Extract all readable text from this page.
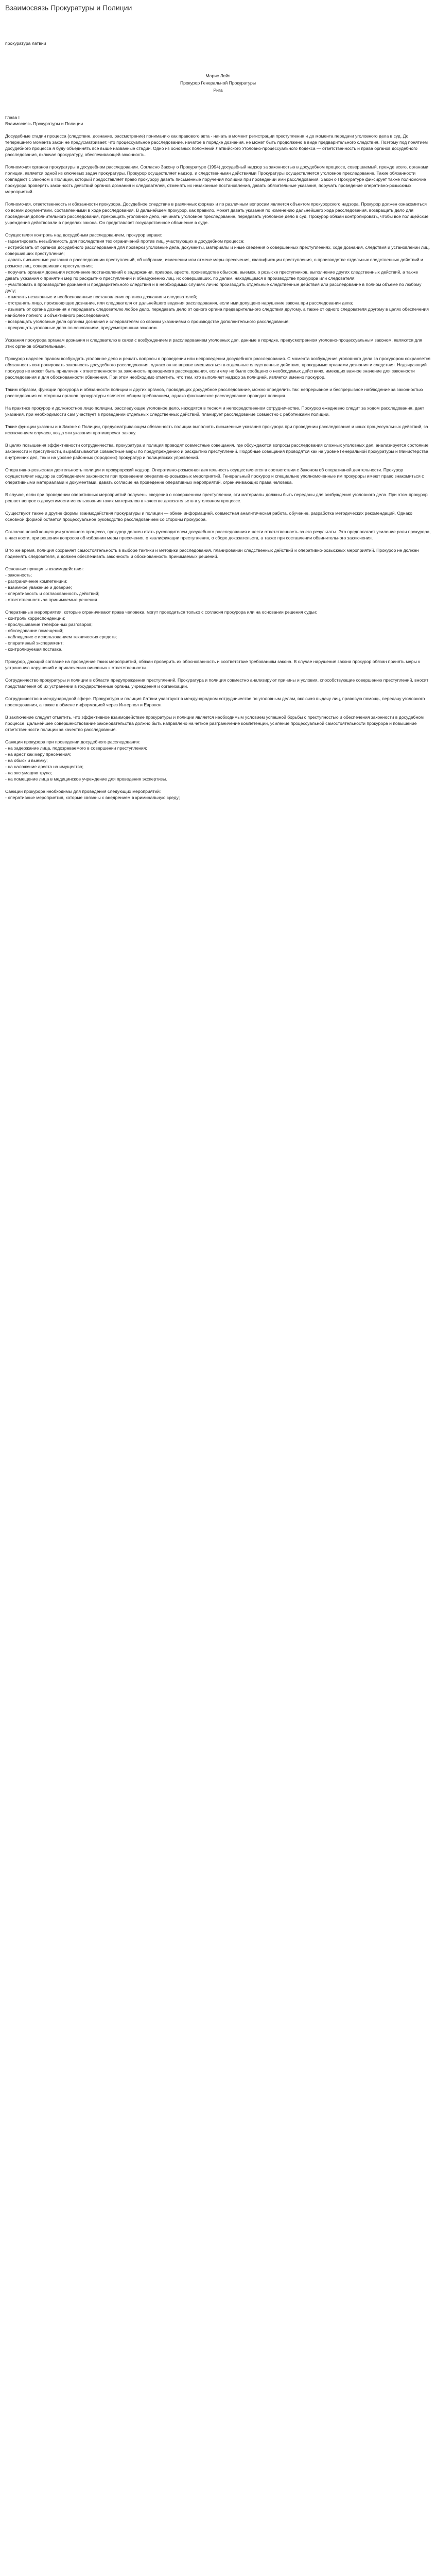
Взаимосвязь Прокуратуры и Полиции
прокуратура латвии
Марис Лейя
Прокурор Генеральной Прокуратуры
Рига

Глава I

Взаимосвязь Прокуратуры и Полиции

Досудебные стадии процесса (следствие, дознание, рассмотрение) пониманию как правового акта - начать в момент регистрации преступления и до момента передачи уголовного дела в суд. До теперешнего момента закон не предусматривает, что процессуальное расследование, начатое в порядке дознания, не может быть продолжено в виде предварительного следствия. Поэтому под понятием досудебного процесса я буду объединять все выше названные стадии. Одно из основных положений Латвийского Уголовно-процессуального Кодекса — ответственность и права органов досудебного расследования, включая прокуратуру, обеспечивающей законность.

Полномочия органов прокуратуры в досудебном расследовании. Согласно Закону о Прокуратуре (1994) досудебный надзор за законностью в досудебном процессе, совершаемый, прежде всего, органами полиции, является одной из ключевых задач прокуратуры. Прокурор осуществляет надзор, и следственными действиями Прокуратуры осуществляется уголовное преследование. Такие обязанности совпадают с Законом о Полиции, который предоставляет право прокурору давать письменные поручения полиции при проведении ими расследования. Закон о Прокуратуре фиксирует также полномочие прокурора проверять законность действий органов дознания и следователей, отменять их незаконные постановления, давать обязательные указания, поручать проведение оперативно-розыскных мероприятий.

Полномочия, ответственность и обязанности прокурора. Досудебное следствие в различных формах и по различным вопросам является объектом прокурорского надзора. Прокурор должен ознакомиться со всеми документами, составленными в ходе расследования. В дальнейшем прокурор, как правило, может давать указания по изменению дальнейшего хода расследования, возвращать дело для проведения дополнительного расследования, прекращать уголовное дело, начинать уголовное преследование, передавать уголовное дело в суд. Прокурор обязан контролировать, чтобы все полицейские учреждения действовали в пределах закона. Он представляет государственное обвинение в суде.

Осуществляя контроль над досудебным расследованием, прокурор вправе:

- гарантировать незыблемость для последствия тех ограничений против лиц, участвующих в досудебном процессе;

- истребовать от органов досудебного расследования для проверки уголовные дела, документы, материалы и иные сведения о совершенных преступлениях, ходе дознания, следствия и установлении лиц, совершивших преступления;

- давать письменные указания о расследовании преступлений, об избрании, изменении или отмене меры пресечения, квалификации преступления, о производстве отдельных следственных действий и розыске лиц, совершивших преступления;

- поручать органам дознания исполнение постановлений о задержании, приводе, аресте, производстве обысков, выемок, о розыске преступников, выполнение других следственных действий, а также давать указания о принятии мер по раскрытию преступлений и обнаружению лиц, их совершивших, по делам, находящимся в производстве прокурора или следователя;

- участвовать в производстве дознания и предварительного следствия и в необходимых случаях лично производить отдельные следственные действия или расследование в полном объеме по любому делу;

- отменять незаконные и необоснованные постановления органов дознания и следователей;

- отстранять лицо, производящее дознание, или следователя от дальнейшего ведения расследования, если ими допущено нарушение закона при расследовании дела;

- изымать от органа дознания и передавать следователю любое дело, передавать дело от одного органа предварительного следствия другому, а также от одного следователя другому в целях обеспечения наиболее полного и объективного расследования;

- возвращать уголовные дела органам дознания и следователям со своими указаниями о производстве дополнительного расследования;

- прекращать уголовные дела по основаниям, предусмотренным законом.

Указания прокурора органам дознания и следователю в связи с возбуждением и расследованием уголовных дел, данные в порядке, предусмотренном уголовно-процессуальным законом, являются для этих органов обязательными.

Прокурор наделен правом возбуждать уголовное дело и решать вопросы о проведении или непроведении досудебного расследования. С момента возбуждения уголовного дела за прокурором сохраняется обязанность контролировать законность досудебного расследования, однако он не вправе вмешиваться в отдельные следственные действия, проводимые органами дознания и следствия. Надзирающий прокурор не может быть привлечен к ответственности за законность проводимого расследования, если ему не было сообщено о необходимых действиях, имеющих важное значение для законности расследования и для обоснованности обвинения. При этом необходимо отметить, что тем, кто выполняет надзор за полицией, является именно прокурор.

Таким образом, функции прокурора и обязанности полиции и других органов, проводящих досудебное расследование, можно определить так: непрерывное и беспрерывное наблюдение за законностью расследования со стороны органов прокуратуры является общим требованием, однако фактическое расследование проводит полиция.

На практике прокурор и должностное лицо полиции, расследующее уголовное дело, находятся в тесном и непосредственном сотрудничестве. Прокурор ежедневно следит за ходом расследования, дает указания, при необходимости сам участвует в проведении отдельных следственных действий, планирует расследование совместно с работниками полиции.

Такие функции указаны и в Законе о Полиции, предусматривающем обязанность полиции выполнять письменные указания прокурора при проведении расследования и иных процессуальных действий, за исключением случаев, когда эти указания противоречат закону.

В целях повышения эффективности сотрудничества, прокуратура и полиция проводят совместные совещания, где обсуждаются вопросы расследования сложных уголовных дел, анализируется состояние законности и преступности, вырабатываются совместные меры по предупреждению и раскрытию преступлений. Подобные совещания проводятся как на уровне Генеральной прокуратуры и Министерства внутренних дел, так и на уровне районных (городских) прокуратур и полицейских управлений.

Оперативно-розыскная деятельность полиции и прокурорский надзор. Оперативно-розыскная деятельность осуществляется в соответствии с Законом об оперативной деятельности. Прокурор осуществляет надзор за соблюдением законности при проведении оперативно-розыскных мероприятий. Генеральный прокурор и специально уполномоченные им прокуроры имеют право знакомиться с оперативными материалами и документами, давать согласие на проведение оперативных мероприятий, ограничивающих права человека.

В случае, если при проведении оперативных мероприятий получены сведения о совершенном преступлении, эти материалы должны быть переданы для возбуждения уголовного дела. При этом прокурор решает вопрос о допустимости использования таких материалов в качестве доказательств в уголовном процессе.

Существуют также и другие формы взаимодействия прокуратуры и полиции — обмен информацией, совместная аналитическая работа, обучение, разработка методических рекомендаций. Однако основной формой остается процессуальное руководство расследованием со стороны прокурора.

Согласно новой концепции уголовного процесса, прокурор должен стать руководителем досудебного расследования и нести ответственность за его результаты. Это предполагает усиление роли прокурора, в частности, при решении вопросов об избрании меры пресечения, о квалификации преступления, о сборе доказательств, а также при составлении обвинительного заключения.

В то же время, полиция сохраняет самостоятельность в выборе тактики и методики расследования, планировании следственных действий и оперативно-розыскных мероприятий. Прокурор не должен подменять следователя, а должен обеспечивать законность и обоснованность принимаемых решений.

Основные принципы взаимодействия:

- законность;

- разграничение компетенции;

- взаимное уважение и доверие;

- оперативность и согласованность действий;

- ответственность за принимаемые решения.

Оперативные мероприятия, которые ограничивают права человека, могут проводиться только с согласия прокурора или на основании решения судьи:

- контроль корреспонденции;

- прослушивание телефонных разговоров;

- обследование помещений;

- наблюдение с использованием технических средств;

- оперативный эксперимент;

- контролируемая поставка.

Прокурор, дающий согласие на проведение таких мероприятий, обязан проверить их обоснованность и соответствие требованиям закона. В случае нарушения закона прокурор обязан принять меры к устранению нарушений и привлечению виновных к ответственности.

Сотрудничество прокуратуры и полиции в области предупреждения преступлений. Прокуратура и полиция совместно анализируют причины и условия, способствующие совершению преступлений, вносят представления об их устранении в государственные органы, учреждения и организации.

Сотрудничество в международной сфере. Прокуратура и полиция Латвии участвуют в международном сотрудничестве по уголовным делам, включая выдачу лиц, правовую помощь, передачу уголовного преследования, а также в обмене информацией через Интерпол и Европол.

В заключение следует отметить, что эффективное взаимодействие прокуратуры и полиции является необходимым условием успешной борьбы с преступностью и обеспечения законности в досудебном процессе. Дальнейшее совершенствование законодательства должно быть направлено на четкое разграничение компетенции, усиление процессуальной самостоятельности прокурора и повышение ответственности полиции за качество расследования.

Санкции прокурора при проведении досудебного расследования:

- на задержание лица, подозреваемого в совершении преступления;

- на арест как меру пресечения;

- на обыск и выемку;

- на наложение ареста на имущество;

- на эксгумацию трупа;

- на помещение лица в медицинское учреждение для проведения экспертизы.

Санкции прокурора необходимы для проведения следующих мероприятий:

- оперативные мероприятия, которые связаны с внедрением в криминальную среду;
